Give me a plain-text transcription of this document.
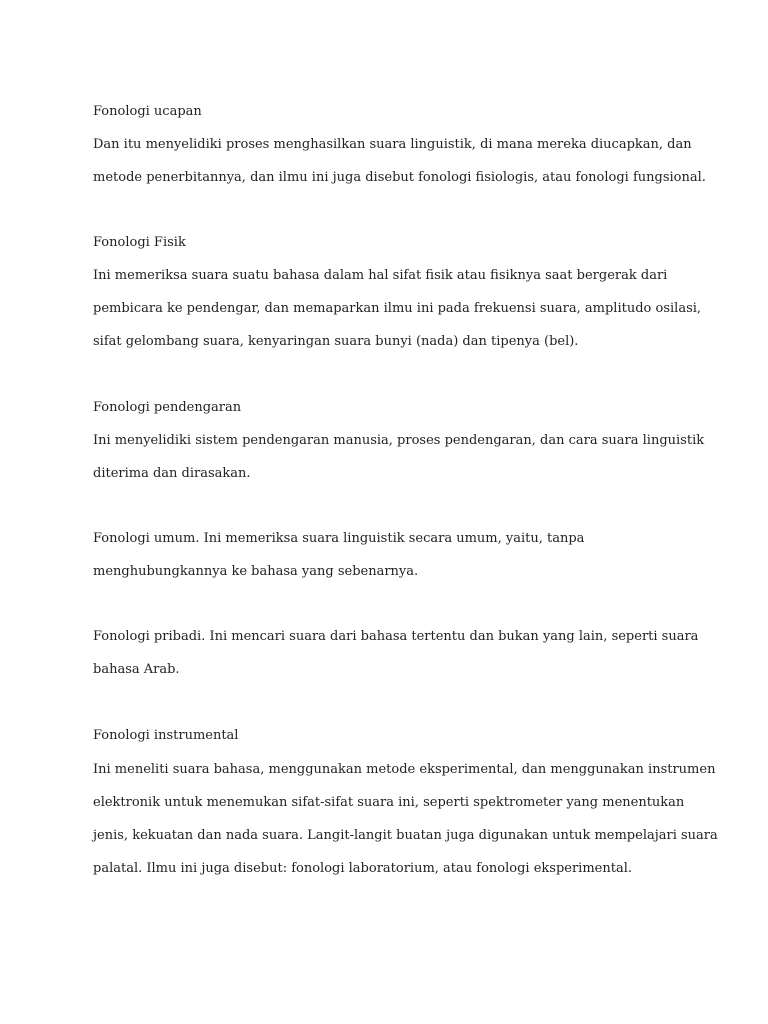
Fonologi ucapan
Dan itu menyelidiki proses menghasilkan suara linguistik, di mana mereka diucapkan, dan
metode penerbitannya, dan ilmu ini juga disebut fonologi fisiologis, atau fonologi fungsional.
Fonologi Fisik
Ini memeriksa suara suatu bahasa dalam hal sifat fisik atau fisiknya saat bergerak dari
pembicara ke pendengar, dan memaparkan ilmu ini pada frekuensi suara, amplitudo osilasi,
sifat gelombang suara, kenyaringan suara bunyi (nada) dan tipenya (bel).
Fonologi pendengaran
Ini menyelidiki sistem pendengaran manusia, proses pendengaran, dan cara suara linguistik
diterima dan dirasakan.
Fonologi umum. Ini memeriksa suara linguistik secara umum, yaitu, tanpa
menghubungkannya ke bahasa yang sebenarnya.
Fonologi pribadi. Ini mencari suara dari bahasa tertentu dan bukan yang lain, seperti suara
bahasa Arab.
Fonologi instrumental
Ini meneliti suara bahasa, menggunakan metode eksperimental, dan menggunakan instrumen
elektronik untuk menemukan sifat-sifat suara ini, seperti spektrometer yang menentukan
jenis, kekuatan dan nada suara. Langit-langit buatan juga digunakan untuk mempelajari suara
palatal. Ilmu ini juga disebut: fonologi laboratorium, atau fonologi eksperimental.
